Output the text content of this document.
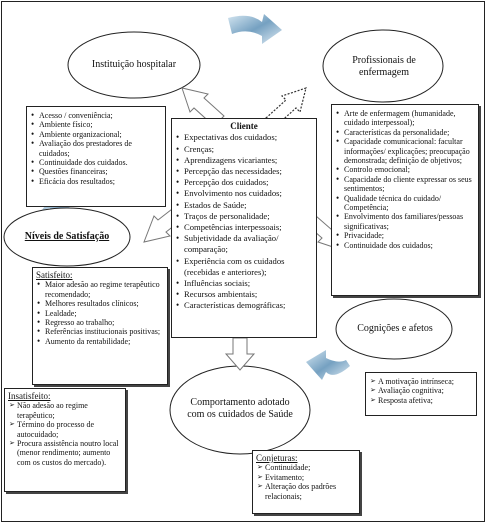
Instituição hospitalar	Profissionais de enfermagem
Níveis de Satisfação
Cognições e afetos
Comportamento adotado com os cuidados de Saúde
• Acesso / conveniência;
• Ambiente físico;
• Ambiente organizacional;
• Avaliação dos prestadores de cuidados;
• Continuidade dos cuidados.
• Questões financeiras;
• Eficácia dos resultados;
Cliente
• Expectativas dos cuidados;
• Crenças;
• Aprendizagens vicariantes;
• Percepção das necessidades;
• Percepção dos cuidados;
• Envolvimento nos cuidados;
• Estados de Saúde;
• Traços de personalidade;
• Competências interpessoais;
• Subjetividade da avaliação/ comparação;
• Experiência com os cuidados (recebidas e anteriores);
• Influências sociais;
• Recursos ambientais;
• Características demográficas;
• Arte de enfermagem (humanidade, cuidado interpessoal);
• Características da personalidade;
• Capacidade comunicacional: facultar informações/ explicações; preocupação demonstrada; definição de objetivos;
• Controlo emocional;
• Capacidade do cliente expressar os seus sentimentos;
• Qualidade técnica do cuidado/ Competência;
• Envolvimento dos familiares/pessoas significativas;
• Privacidade;
• Continuidade dos cuidados;
Satisfeito:
• Maior adesão ao regime terapêutico recomendado;
• Melhores resultados clínicos;
• Lealdade;
• Regresso ao trabalho;
• Referências institucionais positivas;
• Aumento da rentabilidade;
Insatisfeito:
➢ Não adesão ao regime terapêutico;
➢ Término do processo de autocuidado;
➢ Procura assistência noutro local (menor rendimento; aumento com os custos do mercado).
➢ A motivação intrínseca;
➢ Avaliação cognitiva;
➢ Resposta afetiva;
Conjeturas:
➢ Continuidade;
➢ Evitamento;
➢ Alteração dos padrões relacionais;
